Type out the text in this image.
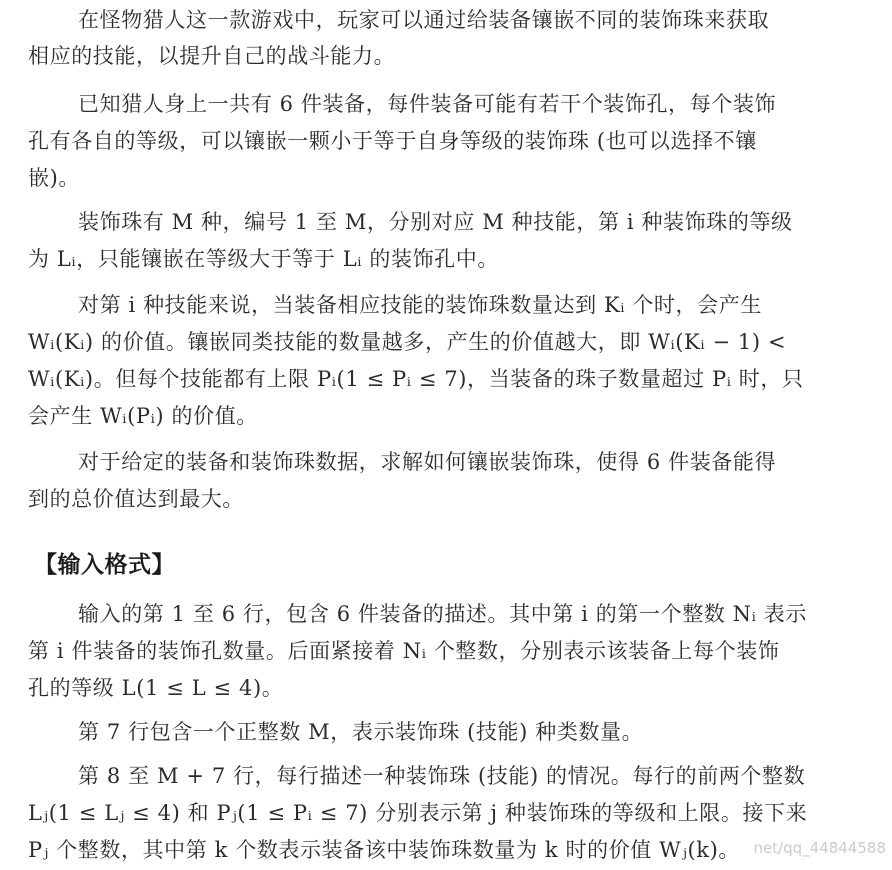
在怪物猎人这一款游戏中，玩家可以通过给装备镶嵌不同的装饰珠来获取
相应的技能，以提升自己的战斗能力。
已知猎人身上一共有 6 件装备，每件装备可能有若干个装饰孔，每个装饰
孔有各自的等级，可以镶嵌一颗小于等于自身等级的装饰珠 (也可以选择不镶
嵌)。
装饰珠有 M 种，编号 1 至 M，分别对应 M 种技能，第 i 种装饰珠的等级
为 Lᵢ，只能镶嵌在等级大于等于 Lᵢ 的装饰孔中。
对第 i 种技能来说，当装备相应技能的装饰珠数量达到 Kᵢ 个时，会产生
Wᵢ(Kᵢ) 的价值。镶嵌同类技能的数量越多，产生的价值越大，即 Wᵢ(Kᵢ − 1) <
Wᵢ(Kᵢ)。但每个技能都有上限 Pᵢ(1 ≤ Pᵢ ≤ 7)，当装备的珠子数量超过 Pᵢ 时，只
会产生 Wᵢ(Pᵢ) 的价值。
对于给定的装备和装饰珠数据，求解如何镶嵌装饰珠，使得 6 件装备能得
到的总价值达到最大。
【输入格式】
输入的第 1 至 6 行，包含 6 件装备的描述。其中第 i 的第一个整数 Nᵢ 表示
第 i 件装备的装饰孔数量。后面紧接着 Nᵢ 个整数，分别表示该装备上每个装饰
孔的等级 L(1 ≤ L ≤ 4)。
第 7 行包含一个正整数 M，表示装饰珠 (技能) 种类数量。
第 8 至 M + 7 行，每行描述一种装饰珠 (技能) 的情况。每行的前两个整数
Lⱼ(1 ≤ Lⱼ ≤ 4) 和 Pⱼ(1 ≤ Pᵢ ≤ 7) 分别表示第 j 种装饰珠的等级和上限。接下来
Pⱼ 个整数，其中第 k 个数表示装备该中装饰珠数量为 k 时的价值 Wⱼ(k)。 net/qq_44844588
